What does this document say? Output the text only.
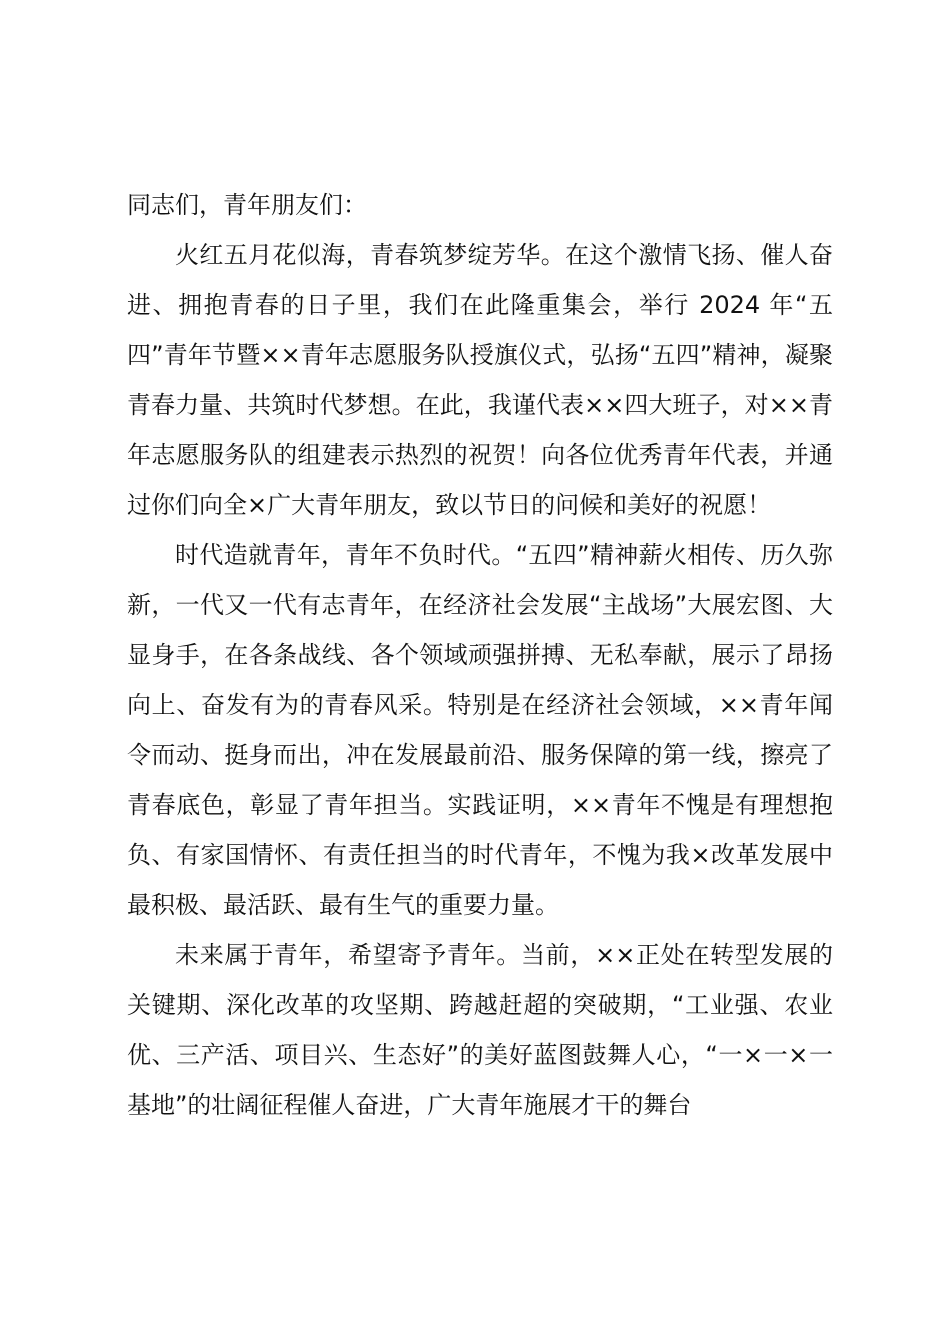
同志们，青年朋友们：

火红五月花似海，青春筑梦绽芳华。在这个激情飞扬、催人奋进、拥抱青春的日子里，我们在此隆重集会，举行 2024 年“五四”青年节暨××青年志愿服务队授旗仪式，弘扬“五四”精神，凝聚青春力量、共筑时代梦想。在此，我谨代表××四大班子，对××青年志愿服务队的组建表示热烈的祝贺！向各位优秀青年代表，并通过你们向全×广大青年朋友，致以节日的问候和美好的祝愿！

时代造就青年，青年不负时代。“五四”精神薪火相传、历久弥新，一代又一代有志青年，在经济社会发展“主战场”大展宏图、大显身手，在各条战线、各个领域顽强拼搏、无私奉献，展示了昂扬向上、奋发有为的青春风采。特别是在经济社会领域，××青年闻令而动、挺身而出，冲在发展最前沿、服务保障的第一线，擦亮了青春底色，彰显了青年担当。实践证明，××青年不愧是有理想抱负、有家国情怀、有责任担当的时代青年，不愧为我×改革发展中最积极、最活跃、最有生气的重要力量。

未来属于青年，希望寄予青年。当前，××正处在转型发展的关键期、深化改革的攻坚期、跨越赶超的突破期，“工业强、农业优、三产活、项目兴、生态好”的美好蓝图鼓舞人心，“一×一×一基地”的壮阔征程催人奋进，广大青年施展才干的舞台
